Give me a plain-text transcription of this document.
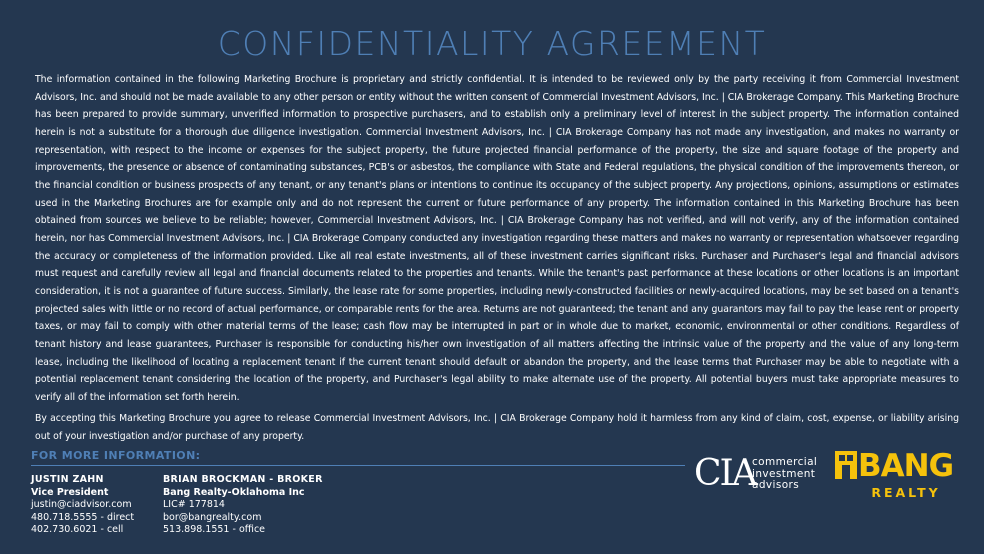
CONFIDENTIALITY AGREEMENT

The information contained in the following Marketing Brochure is proprietary and strictly confidential. It is intended to be reviewed only by the party receiving it from Commercial Investment Advisors, Inc. and should not be made available to any other person or entity without the written consent of Commercial Investment Advisors, Inc. | CIA Brokerage Company. This Marketing Brochure has been prepared to provide summary, unverified information to prospective purchasers, and to establish only a preliminary level of interest in the subject property. The information contained herein is not a substitute for a thorough due diligence investigation. Commercial Investment Advisors, Inc. | CIA Brokerage Company has not made any investigation, and makes no warranty or representation, with respect to the income or expenses for the subject property, the future projected financial performance of the property, the size and square footage of the property and improvements, the presence or absence of contaminating substances, PCB's or asbestos, the compliance with State and Federal regulations, the physical condition of the improvements thereon, or the financial condition or business prospects of any tenant, or any tenant's plans or intentions to continue its occupancy of the subject property. Any projections, opinions, assumptions or estimates used in the Marketing Brochures are for example only and do not represent the current or future performance of any property. The information contained in this Marketing Brochure has been obtained from sources we believe to be reliable; however, Commercial Investment Advisors, Inc. | CIA Brokerage Company has not verified, and will not verify, any of the information contained herein, nor has Commercial Investment Advisors, Inc. | CIA Brokerage Company conducted any investigation regarding these matters and makes no warranty or representation whatsoever regarding the accuracy or completeness of the information provided. Like all real estate investments, all of these investment carries significant risks. Purchaser and Purchaser's legal and financial advisors must request and carefully review all legal and financial documents related to the properties and tenants. While the tenant's past performance at these locations or other locations is an important consideration, it is not a guarantee of future success. Similarly, the lease rate for some properties, including newly-constructed facilities or newly-acquired locations, may be set based on a tenant's projected sales with little or no record of actual performance, or comparable rents for the area. Returns are not guaranteed; the tenant and any guarantors may fail to pay the lease rent or property taxes, or may fail to comply with other material terms of the lease; cash flow may be interrupted in part or in whole due to market, economic, environmental or other conditions. Regardless of tenant history and lease guarantees, Purchaser is responsible for conducting his/her own investigation of all matters affecting the intrinsic value of the property and the value of any long-term lease, including the likelihood of locating a replacement tenant if the current tenant should default or abandon the property, and the lease terms that Purchaser may be able to negotiate with a potential replacement tenant considering the location of the property, and Purchaser's legal ability to make alternate use of the property. All potential buyers must take appropriate measures to verify all of the information set forth herein.

By accepting this Marketing Brochure you agree to release Commercial Investment Advisors, Inc. | CIA Brokerage Company hold it harmless from any kind of claim, cost, expense, or liability arising out of your investigation and/or purchase of any property.

FOR MORE INFORMATION:
JUSTIN ZAHN
Vice President
justin@ciadvisor.com
480.718.5555 - direct
402.730.6021 - cell
BRIAN BROCKMAN - BROKER
Bang Realty-Oklahoma Inc
LIC# 177814
bor@bangrealty.com
513.898.1551 - office
CIA
commercial
investment
advisors
BANG
REALTY
